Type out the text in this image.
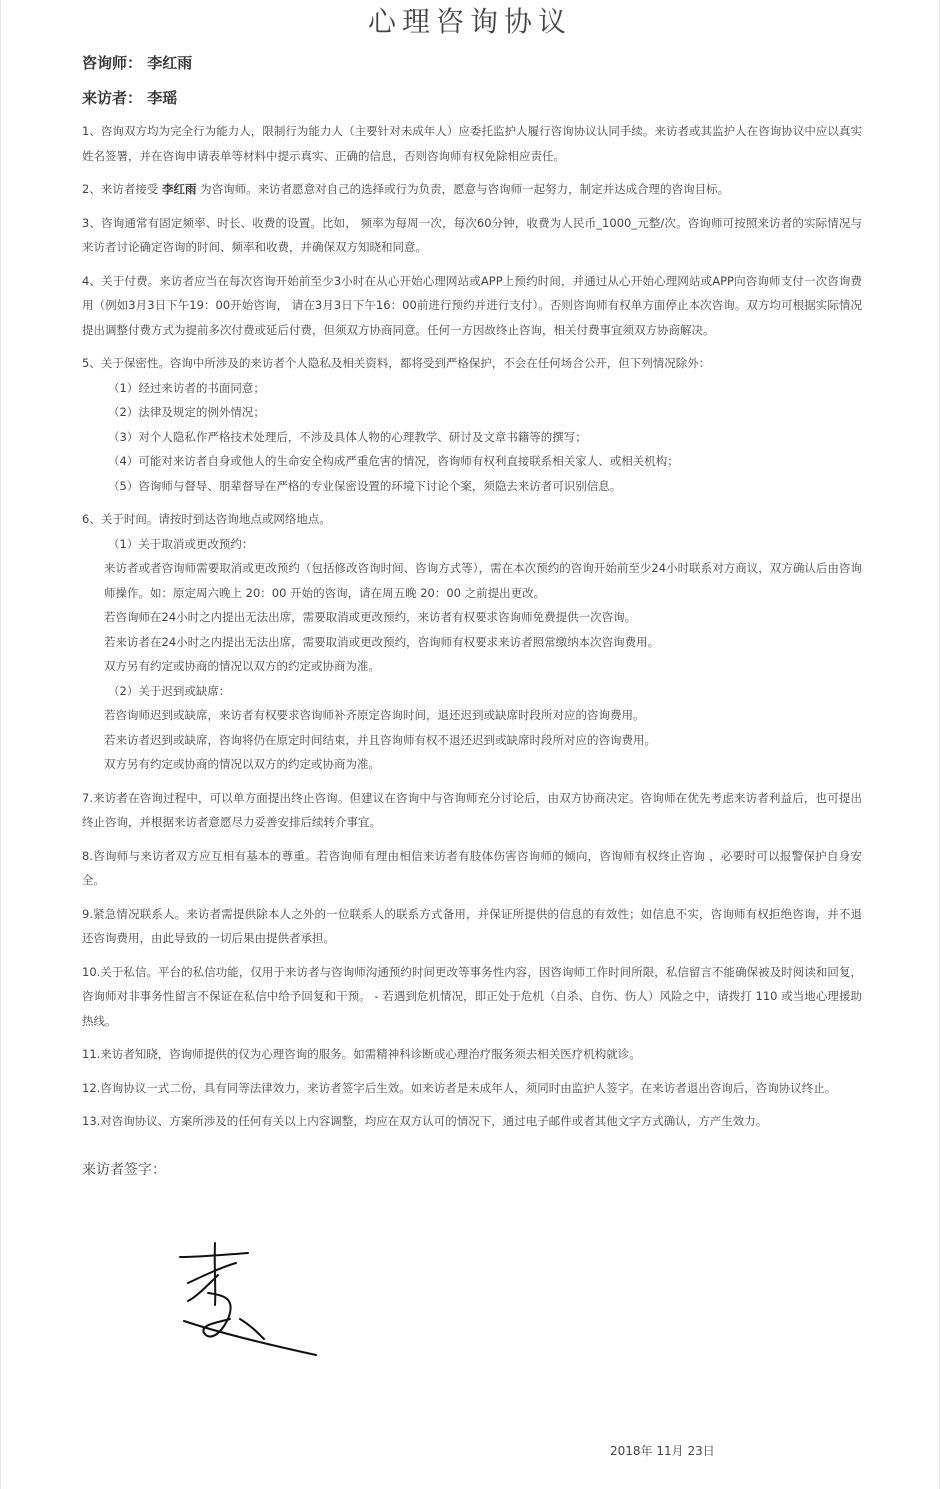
心理咨询协议
咨询师： 李红雨
来访者： 李瑶

1、咨询双方均为完全行为能力人，限制行为能力人（主要针对未成年人）应委托监护人履行咨询协议认同手续。来访者或其监护人在咨询协议中应以真实姓名签署，并在咨询申请表单等材料中提示真实、正确的信息，否则咨询师有权免除相应责任。

2、来访者接受 李红雨 为咨询师。来访者愿意对自己的选择或行为负责，愿意与咨询师一起努力，制定并达成合理的咨询目标。

3、咨询通常有固定频率、时长、收费的设置。比如， 频率为每周一次，每次60分钟，收费为人民币_1000_元整/次。咨询师可按照来访者的实际情况与来访者讨论确定咨询的时间、频率和收费，并确保双方知晓和同意。

4、关于付费。来访者应当在每次咨询开始前至少3小时在从心开始心理网站或APP上预约时间，并通过从心开始心理网站或APP向咨询师支付一次咨询费用（例如3月3日下午19：00开始咨询， 请在3月3日下午16：00前进行预约并进行支付）。否则咨询师有权单方面停止本次咨询。双方均可根据实际情况提出调整付费方式为提前多次付费或延后付费，但须双方协商同意。任何一方因故终止咨询，相关付费事宜须双方协商解决。

5、关于保密性。咨询中所涉及的来访者个人隐私及相关资料，都将受到严格保护，不会在任何场合公开，但下列情况除外：
（1）经过来访者的书面同意；
（2）法律及规定的例外情况；
（3）对个人隐私作严格技术处理后，不涉及具体人物的心理教学、研讨及文章书籍等的撰写；
（4）可能对来访者自身或他人的生命安全构成严重危害的情况，咨询师有权利直接联系相关家人、或相关机构；
（5）咨询师与督导、朋辈督导在严格的专业保密设置的环境下讨论个案，须隐去来访者可识别信息。

6、关于时间。请按时到达咨询地点或网络地点。
（1）关于取消或更改预约：
来访者或者咨询师需要取消或更改预约（包括修改咨询时间、咨询方式等），需在本次预约的咨询开始前至少24小时联系对方商议，双方确认后由咨询师操作。如：原定周六晚上 20：00 开始的咨询，请在周五晚 20：00 之前提出更改。
若咨询师在24小时之内提出无法出席，需要取消或更改预约，来访者有权要求咨询师免费提供一次咨询。
若来访者在24小时之内提出无法出席，需要取消或更改预约，咨询师有权要求来访者照常缴纳本次咨询费用。
双方另有约定或协商的情况以双方的约定或协商为准。
（2）关于迟到或缺席：
若咨询师迟到或缺席，来访者有权要求咨询师补齐原定咨询时间，退还迟到或缺席时段所对应的咨询费用。
若来访者迟到或缺席，咨询将仍在原定时间结束，并且咨询师有权不退还迟到或缺席时段所对应的咨询费用。
双方另有约定或协商的情况以双方的约定或协商为准。

7.来访者在咨询过程中，可以单方面提出终止咨询。但建议在咨询中与咨询师充分讨论后，由双方协商决定。咨询师在优先考虑来访者利益后，也可提出终止咨询，并根据来访者意愿尽力妥善安排后续转介事宜。

8.咨询师与来访者双方应互相有基本的尊重。若咨询师有理由相信来访者有肢体伤害咨询师的倾向，咨询师有权终止咨询 ，必要时可以报警保护自身安全。

9.紧急情况联系人。来访者需提供除本人之外的一位联系人的联系方式备用，并保证所提供的信息的有效性；如信息不实，咨询师有权拒绝咨询，并不退还咨询费用，由此导致的一切后果由提供者承担。

10.关于私信。平台的私信功能，仅用于来访者与咨询师沟通预约时间更改等事务性内容，因咨询师工作时间所限，私信留言不能确保被及时阅读和回复，咨询师对非事务性留言不保证在私信中给予回复和干预。 - 若遇到危机情况，即正处于危机（自杀、自伤、伤人）风险之中，请拨打 110 或当地心理援助热线。

11.来访者知晓，咨询师提供的仅为心理咨询的服务。如需精神科诊断或心理治疗服务须去相关医疗机构就诊。

12.咨询协议一式二份，具有同等法律效力，来访者签字后生效。如来访者是未成年人，须同时由监护人签字。在来访者退出咨询后，咨询协议终止。

13.对咨询协议、方案所涉及的任何有关以上内容调整，均应在双方认可的情况下，通过电子邮件或者其他文字方式确认，方产生效力。

来访者签字：
2018年 11月 23日
